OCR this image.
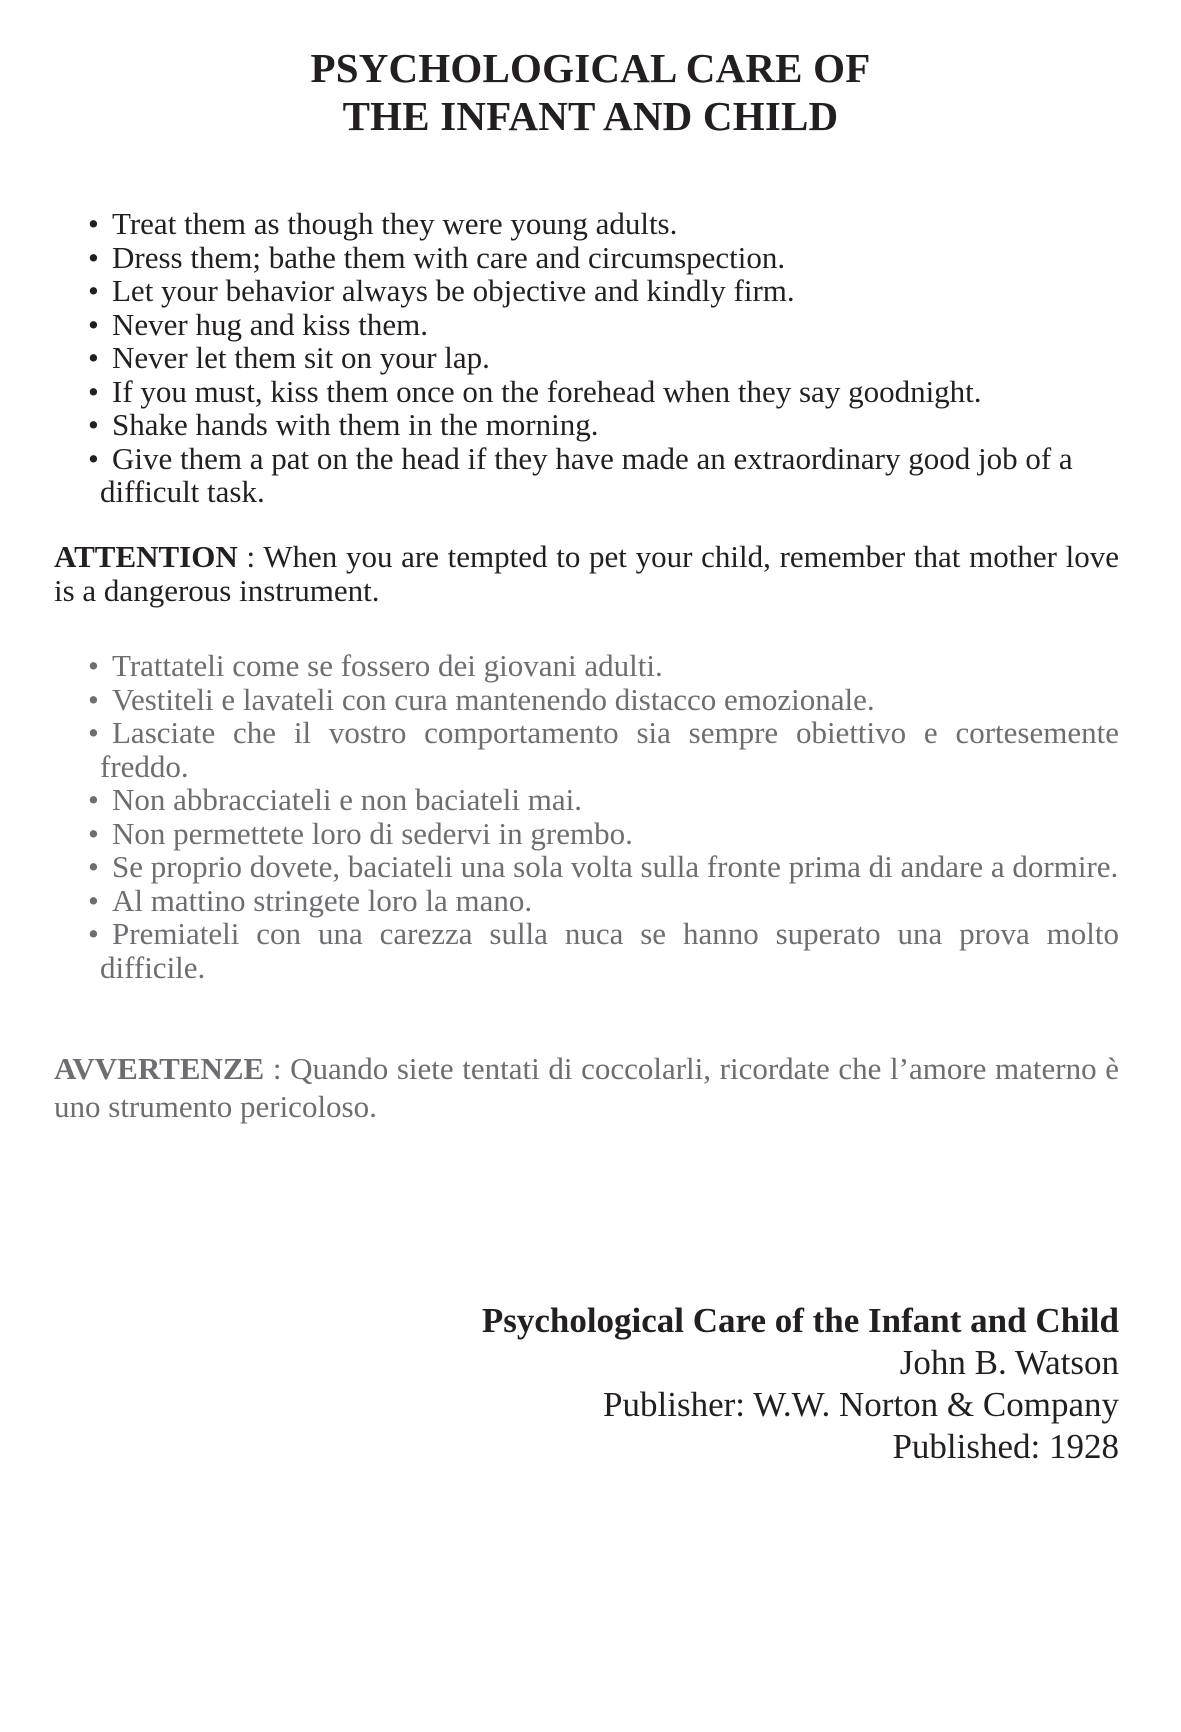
PSYCHOLOGICAL CARE OF
THE INFANT AND CHILD
• Treat them as though they were young adults.
• Dress them; bathe them with care and circumspection.
• Let your behavior always be objective and kindly firm.
• Never hug and kiss them.
• Never let them sit on your lap.
• If you must, kiss them once on the forehead when they say goodnight.
• Shake hands with them in the morning.
• Give them a pat on the head if they have made an extraordinary good job of a difficult task.

ATTENTION : When you are tempted to pet your child, remember that mother love is a dangerous instrument.

• Trattateli come se fossero dei giovani adulti.
• Vestiteli e lavateli con cura mantenendo distacco emozionale.
• Lasciate che il vostro comportamento sia sempre obiettivo e cortesemente freddo.
• Non abbracciateli e non baciateli mai.
• Non permettete loro di sedervi in grembo.
• Se proprio dovete, baciateli una sola volta sulla fronte prima di andare a dormire.
• Al mattino stringete loro la mano.
• Premiateli con una carezza sulla nuca se hanno superato una prova molto difficile.

AVVERTENZE : Quando siete tentati di coccolarli, ricordate che l’amore materno è uno strumento pericoloso.

Psychological Care of the Infant and Child
John B. Watson
Publisher: W.W. Norton & Company
Published: 1928
